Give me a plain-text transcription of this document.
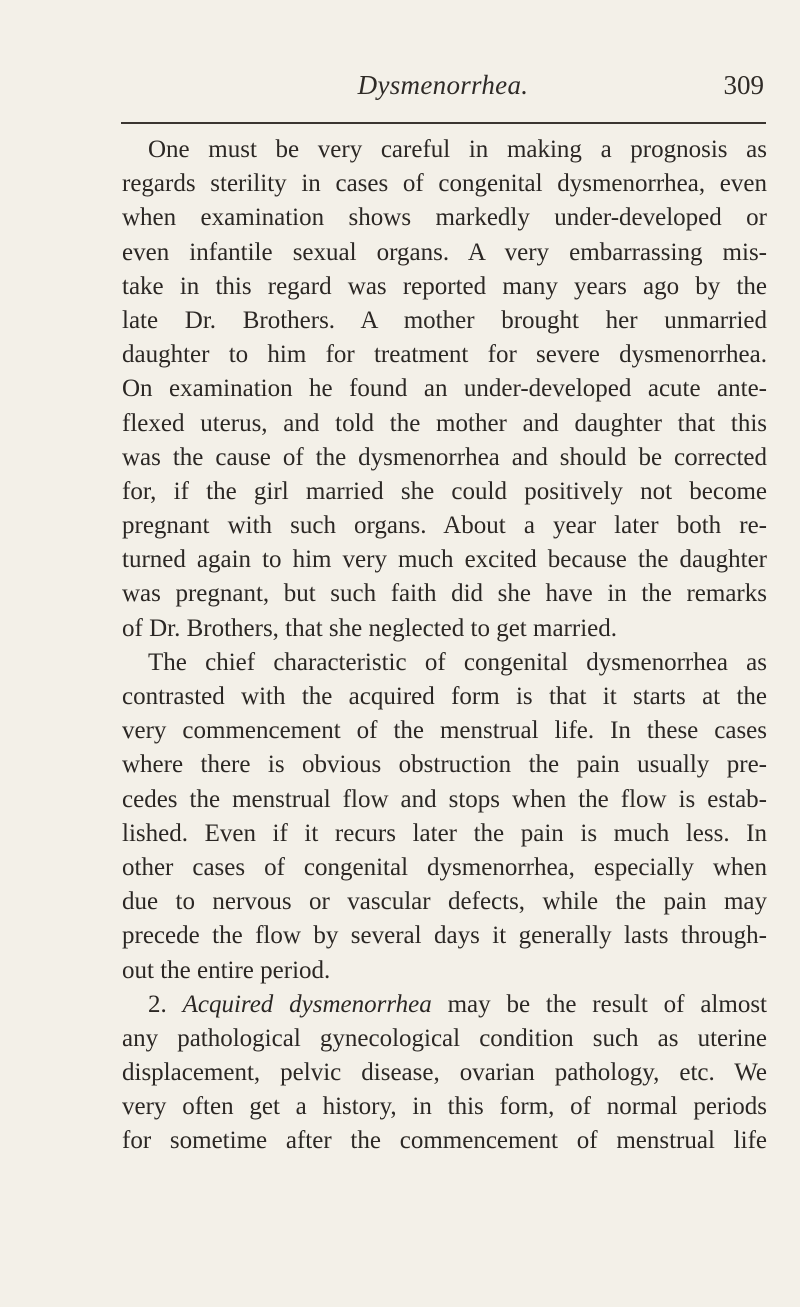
Dysmenorrhea.	309
One must be very careful in making a prognosis as
regards sterility in cases of congenital dysmenorrhea, even
when examination shows markedly under-developed or
even infantile sexual organs. A very embarrassing mis-
take in this regard was reported many years ago by the
late Dr. Brothers. A mother brought her unmarried
daughter to him for treatment for severe dysmenorrhea.
On examination he found an under-developed acute ante-
flexed uterus, and told the mother and daughter that this
was the cause of the dysmenorrhea and should be corrected
for, if the girl married she could positively not become
pregnant with such organs. About a year later both re-
turned again to him very much excited because the daughter
was pregnant, but such faith did she have in the remarks
of Dr. Brothers, that she neglected to get married.
The chief characteristic of congenital dysmenorrhea as
contrasted with the acquired form is that it starts at the
very commencement of the menstrual life. In these cases
where there is obvious obstruction the pain usually pre-
cedes the menstrual flow and stops when the flow is estab-
lished. Even if it recurs later the pain is much less. In
other cases of congenital dysmenorrhea, especially when
due to nervous or vascular defects, while the pain may
precede the flow by several days it generally lasts through-
out the entire period.
2. Acquired dysmenorrhea may be the result of almost
any pathological gynecological condition such as uterine
displacement, pelvic disease, ovarian pathology, etc. We
very often get a history, in this form, of normal periods
for sometime after the commencement of menstrual life
